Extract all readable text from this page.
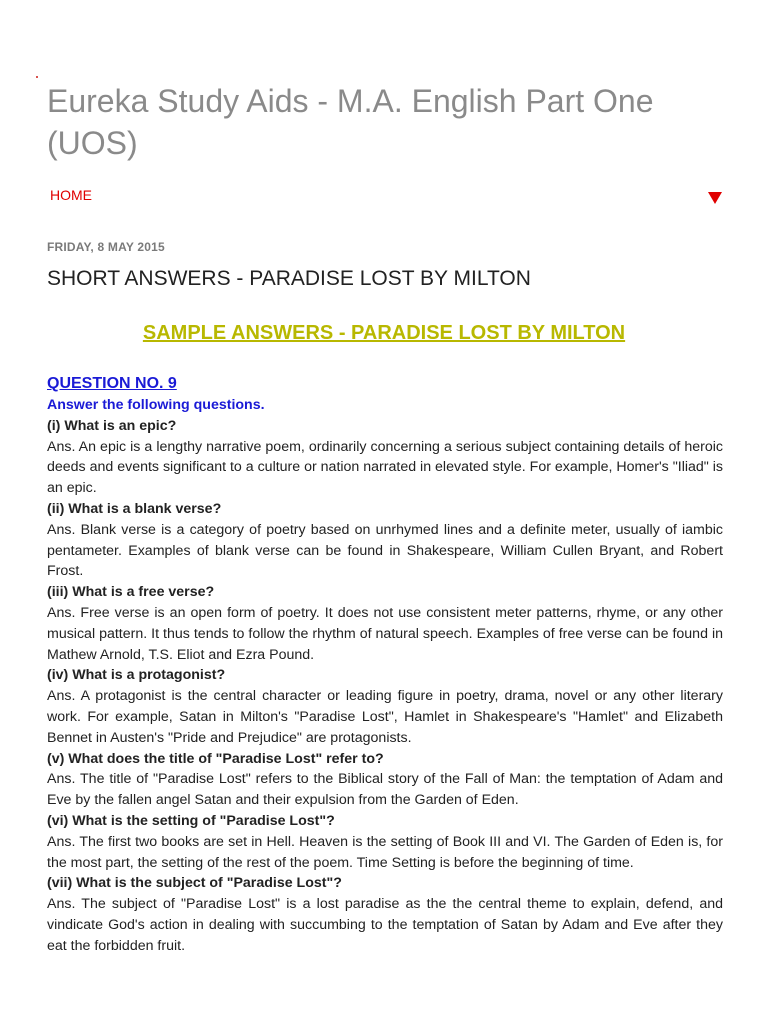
Eureka Study Aids - M.A. English Part One (UOS)
HOME
FRIDAY, 8 MAY 2015
SHORT ANSWERS - PARADISE LOST BY MILTON
SAMPLE ANSWERS - PARADISE LOST BY MILTON
QUESTION NO. 9
Answer the following questions.
(i) What is an epic?

Ans. An epic is a lengthy narrative poem, ordinarily concerning a serious subject containing details of heroic deeds and events significant to a culture or nation narrated in elevated style. For example, Homer's "Iliad" is an epic.

(ii) What is a blank verse?

Ans. Blank verse is a category of poetry based on unrhymed lines and a definite meter, usually of iambic pentameter. Examples of blank verse can be found in Shakespeare, William Cullen Bryant, and Robert Frost.

(iii) What is a free verse?

Ans. Free verse is an open form of poetry. It does not use consistent meter patterns, rhyme, or any other musical pattern. It thus tends to follow the rhythm of natural speech. Examples of free verse can be found in Mathew Arnold, T.S. Eliot and Ezra Pound.

(iv) What is a protagonist?

Ans. A protagonist is the central character or leading figure in poetry, drama, novel or any other literary work. For example, Satan in Milton's "Paradise Lost", Hamlet in Shakespeare's "Hamlet" and Elizabeth Bennet in Austen's "Pride and Prejudice" are protagonists.

(v) What does the title of "Paradise Lost" refer to?

Ans. The title of "Paradise Lost" refers to the Biblical story of the Fall of Man: the temptation of Adam and Eve by the fallen angel Satan and their expulsion from the Garden of Eden.

(vi) What is the setting of "Paradise Lost"?

Ans. The first two books are set in Hell. Heaven is the setting of Book III and VI. The Garden of Eden is, for the most part, the setting of the rest of the poem. Time Setting is before the beginning of time.

(vii) What is the subject of "Paradise Lost"?

Ans. The subject of "Paradise Lost" is a lost paradise as the the central theme to explain, defend, and vindicate God's action in dealing with succumbing to the temptation of Satan by Adam and Eve after they eat the forbidden fruit.
